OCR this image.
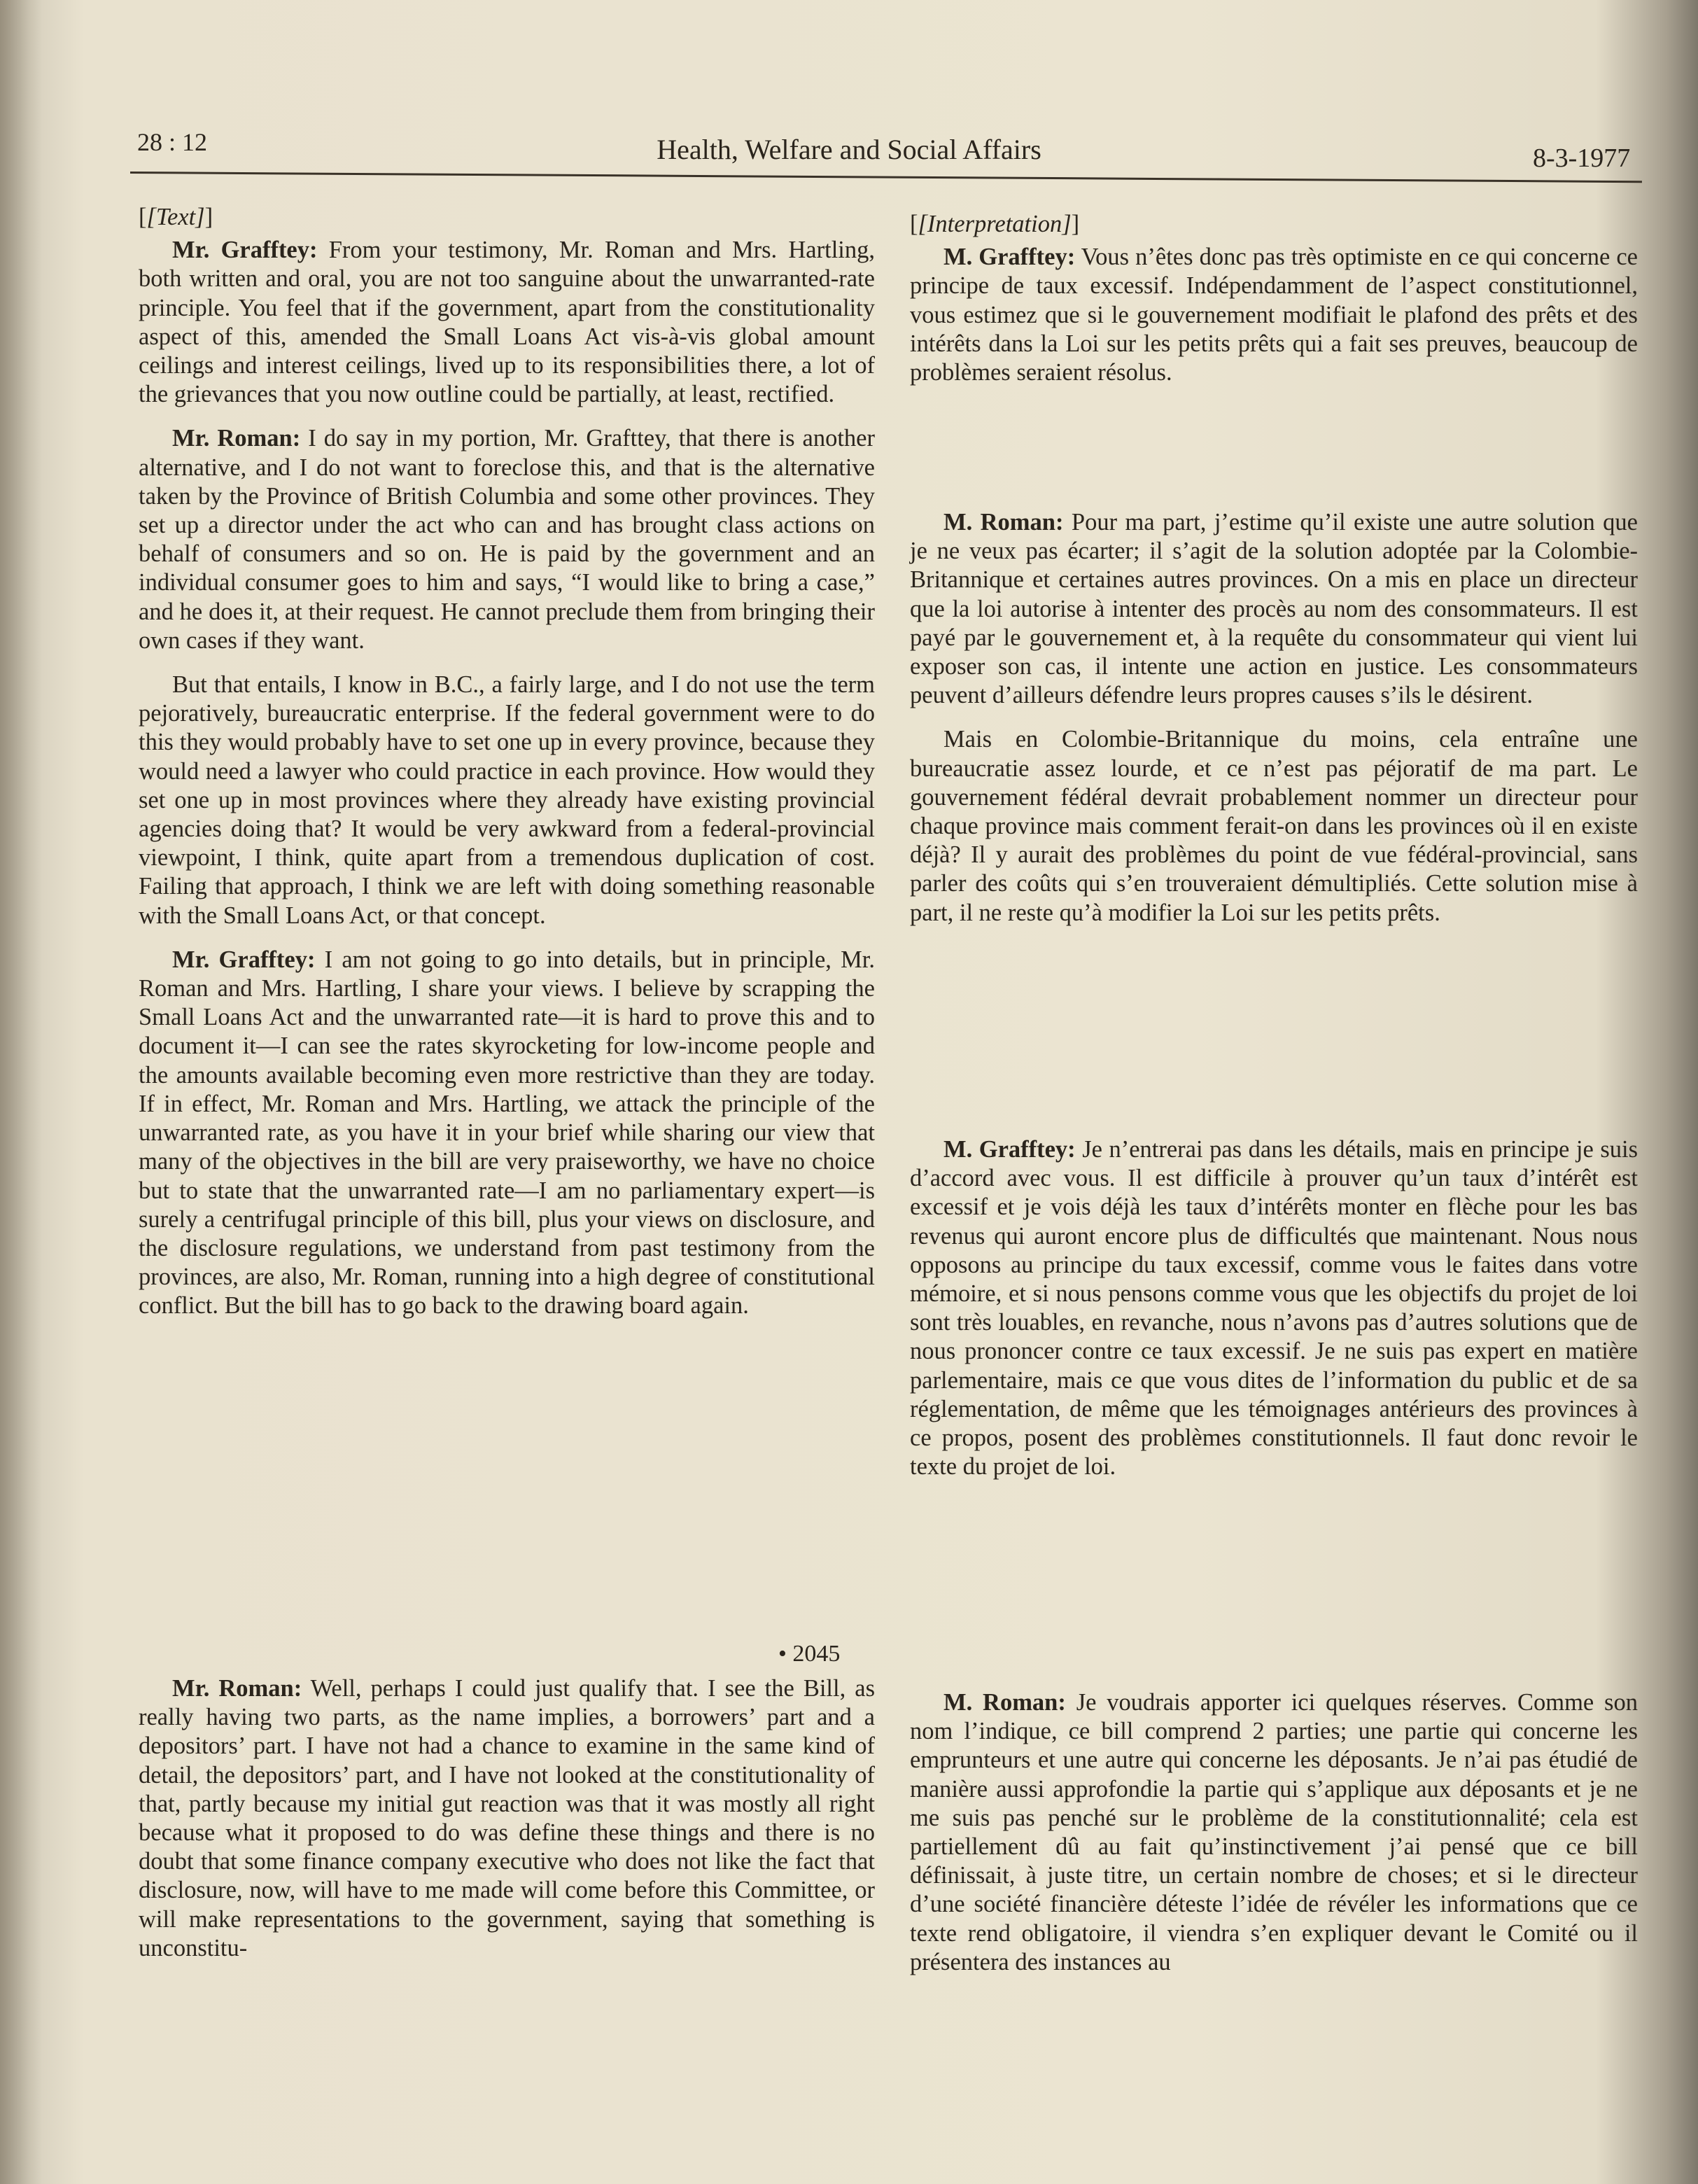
28 : 12	Health, Welfare and Social Affairs	8-3-1977

[[Text]]

Mr. Grafftey: From your testimony, Mr. Roman and Mrs. Hartling, both written and oral, you are not too sanguine about the unwarranted-rate principle. You feel that if the government, apart from the constitutionality aspect of this, amended the Small Loans Act vis-à-vis global amount ceilings and interest ceilings, lived up to its responsibilities there, a lot of the grievances that you now outline could be partially, at least, rectified.

Mr. Roman: I do say in my portion, Mr. Grafttey, that there is another alternative, and I do not want to foreclose this, and that is the alternative taken by the Province of British Columbia and some other provinces. They set up a director under the act who can and has brought class actions on behalf of consumers and so on. He is paid by the government and an individual consumer goes to him and says, “I would like to bring a case,” and he does it, at their request. He cannot preclude them from bringing their own cases if they want.

But that entails, I know in B.C., a fairly large, and I do not use the term pejoratively, bureaucratic enterprise. If the federal government were to do this they would probably have to set one up in every province, because they would need a lawyer who could practice in each province. How would they set one up in most provinces where they already have existing provincial agencies doing that? It would be very awkward from a federal-provincial viewpoint, I think, quite apart from a tremendous duplication of cost. Failing that approach, I think we are left with doing something reasonable with the Small Loans Act, or that concept.

Mr. Grafftey: I am not going to go into details, but in principle, Mr. Roman and Mrs. Hartling, I share your views. I believe by scrapping the Small Loans Act and the unwarranted rate—it is hard to prove this and to document it—I can see the rates skyrocketing for low-income people and the amounts available becoming even more restrictive than they are today. If in effect, Mr. Roman and Mrs. Hartling, we attack the principle of the unwarranted rate, as you have it in your brief while sharing our view that many of the objectives in the bill are very praiseworthy, we have no choice but to state that the unwarranted rate—I am no parliamentary expert—is surely a centrifugal principle of this bill, plus your views on disclosure, and the disclosure regulations, we understand from past testimony from the provinces, are also, Mr. Roman, running into a high degree of constitutional conflict. But the bill has to go back to the drawing board again.

• 2045

Mr. Roman: Well, perhaps I could just qualify that. I see the Bill, as really having two parts, as the name implies, a borrowers’ part and a depositors’ part. I have not had a chance to examine in the same kind of detail, the depositors’ part, and I have not looked at the constitutionality of that, partly because my initial gut reaction was that it was mostly all right because what it proposed to do was define these things and there is no doubt that some finance company executive who does not like the fact that disclosure, now, will have to me made will come before this Committee, or will make representations to the government, saying that something is unconstitu-

[[Interpretation]]

M. Grafftey: Vous n’êtes donc pas très optimiste en ce qui concerne ce principe de taux excessif. Indépendamment de l’aspect constitutionnel, vous estimez que si le gouvernement modifiait le plafond des prêts et des intérêts dans la Loi sur les petits prêts qui a fait ses preuves, beaucoup de problèmes seraient résolus.

M. Roman: Pour ma part, j’estime qu’il existe une autre solution que je ne veux pas écarter; il s’agit de la solution adoptée par la Colombie-Britannique et certaines autres provinces. On a mis en place un directeur que la loi autorise à intenter des procès au nom des consommateurs. Il est payé par le gouvernement et, à la requête du consommateur qui vient lui exposer son cas, il intente une action en justice. Les consommateurs peuvent d’ailleurs défendre leurs propres causes s’ils le désirent.

Mais en Colombie-Britannique du moins, cela entraîne une bureaucratie assez lourde, et ce n’est pas péjoratif de ma part. Le gouvernement fédéral devrait probablement nommer un directeur pour chaque province mais comment ferait-on dans les provinces où il en existe déjà? Il y aurait des problèmes du point de vue fédéral-provincial, sans parler des coûts qui s’en trouveraient démultipliés. Cette solution mise à part, il ne reste qu’à modifier la Loi sur les petits prêts.

M. Grafftey: Je n’entrerai pas dans les détails, mais en principe je suis d’accord avec vous. Il est difficile à prouver qu’un taux d’intérêt est excessif et je vois déjà les taux d’intérêts monter en flèche pour les bas revenus qui auront encore plus de difficultés que maintenant. Nous nous opposons au principe du taux excessif, comme vous le faites dans votre mémoire, et si nous pensons comme vous que les objectifs du projet de loi sont très louables, en revanche, nous n’avons pas d’autres solutions que de nous prononcer contre ce taux excessif. Je ne suis pas expert en matière parlementaire, mais ce que vous dites de l’information du public et de sa réglementation, de même que les témoignages antérieurs des provinces à ce propos, posent des problèmes constitutionnels. Il faut donc revoir le texte du projet de loi.

M. Roman: Je voudrais apporter ici quelques réserves. Comme son nom l’indique, ce bill comprend 2 parties; une partie qui concerne les emprunteurs et une autre qui concerne les déposants. Je n’ai pas étudié de manière aussi approfondie la partie qui s’applique aux déposants et je ne me suis pas penché sur le problème de la constitutionnalité; cela est partiellement dû au fait qu’instinctivement j’ai pensé que ce bill définissait, à juste titre, un certain nombre de choses; et si le directeur d’une société financière déteste l’idée de révéler les informations que ce texte rend obligatoire, il viendra s’en expliquer devant le Comité ou il présentera des instances au
